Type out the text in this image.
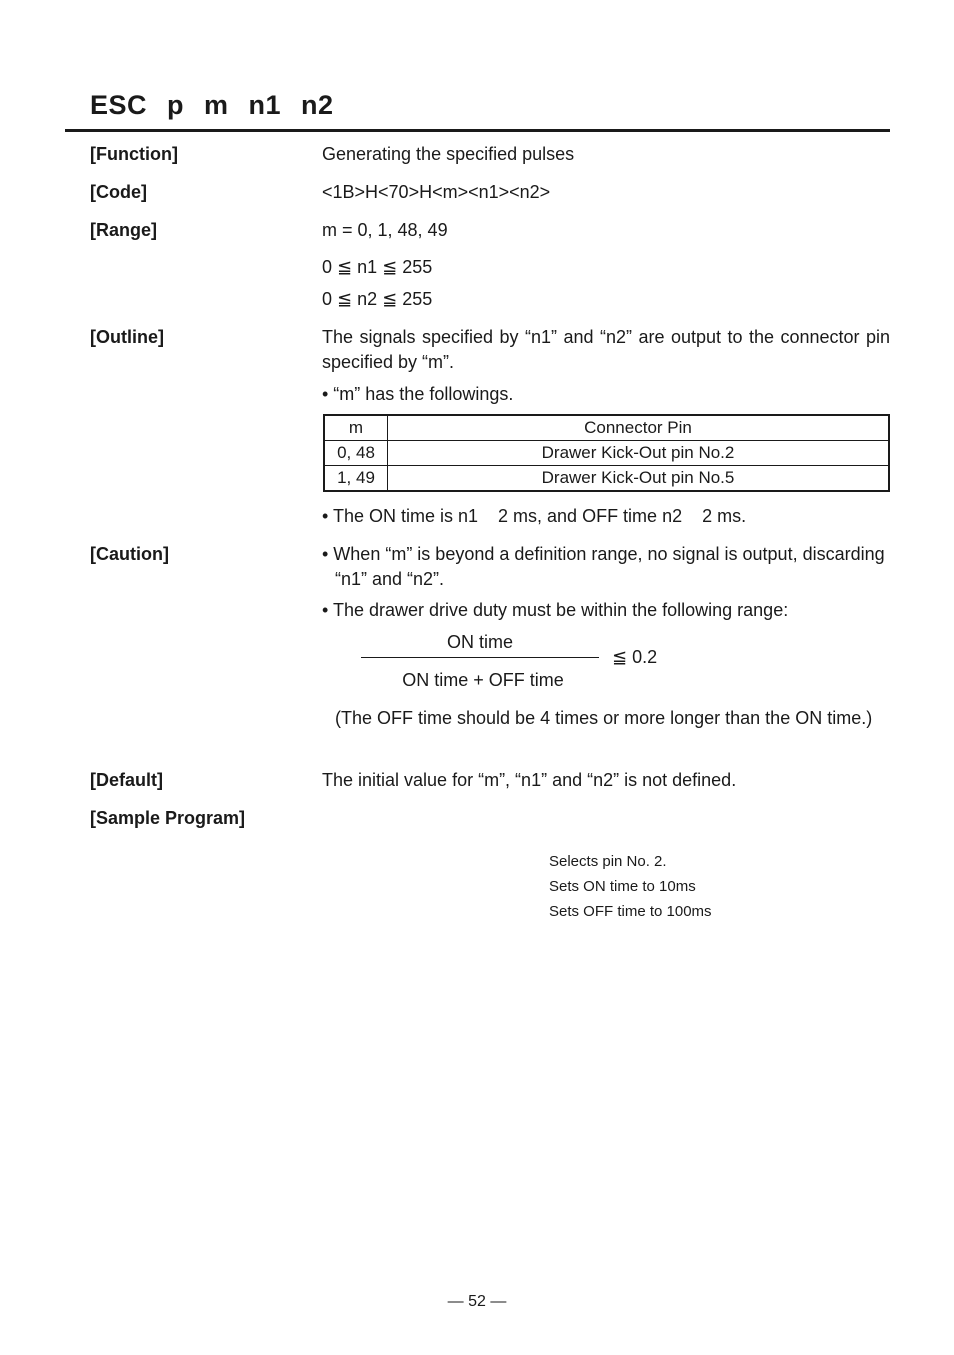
ESC p m n1 n2
[Function]	Generating the specified pulses
[Code]	<1B>H<70>H<m><n1><n2>
[Range]	m = 0, 1, 48, 49
0 ≦ n1 ≦ 255
0 ≦ n2 ≦ 255
[Outline]	The signals specified by “n1” and “n2” are output to the connector pin specified by “m”.
• “m” has the followings.
m	Connector Pin
0, 48	Drawer Kick-Out pin No.2
1, 49	Drawer Kick-Out pin No.5
• The ON time is n1    2 ms, and OFF time n2    2 ms.
[Caution]	• When “m” is beyond a definition range, no signal is output, discarding “n1” and “n2”.
• The drawer drive duty must be within the following range:
ON time
≦ 0.2
ON time + OFF time
(The OFF time should be 4 times or more longer than the ON time.)
[Default]	The initial value for “m”, “n1” and “n2” is not defined.
[Sample Program]
Selects pin No. 2.
Sets ON time to 10ms
Sets OFF time to 100ms
— 52 —
